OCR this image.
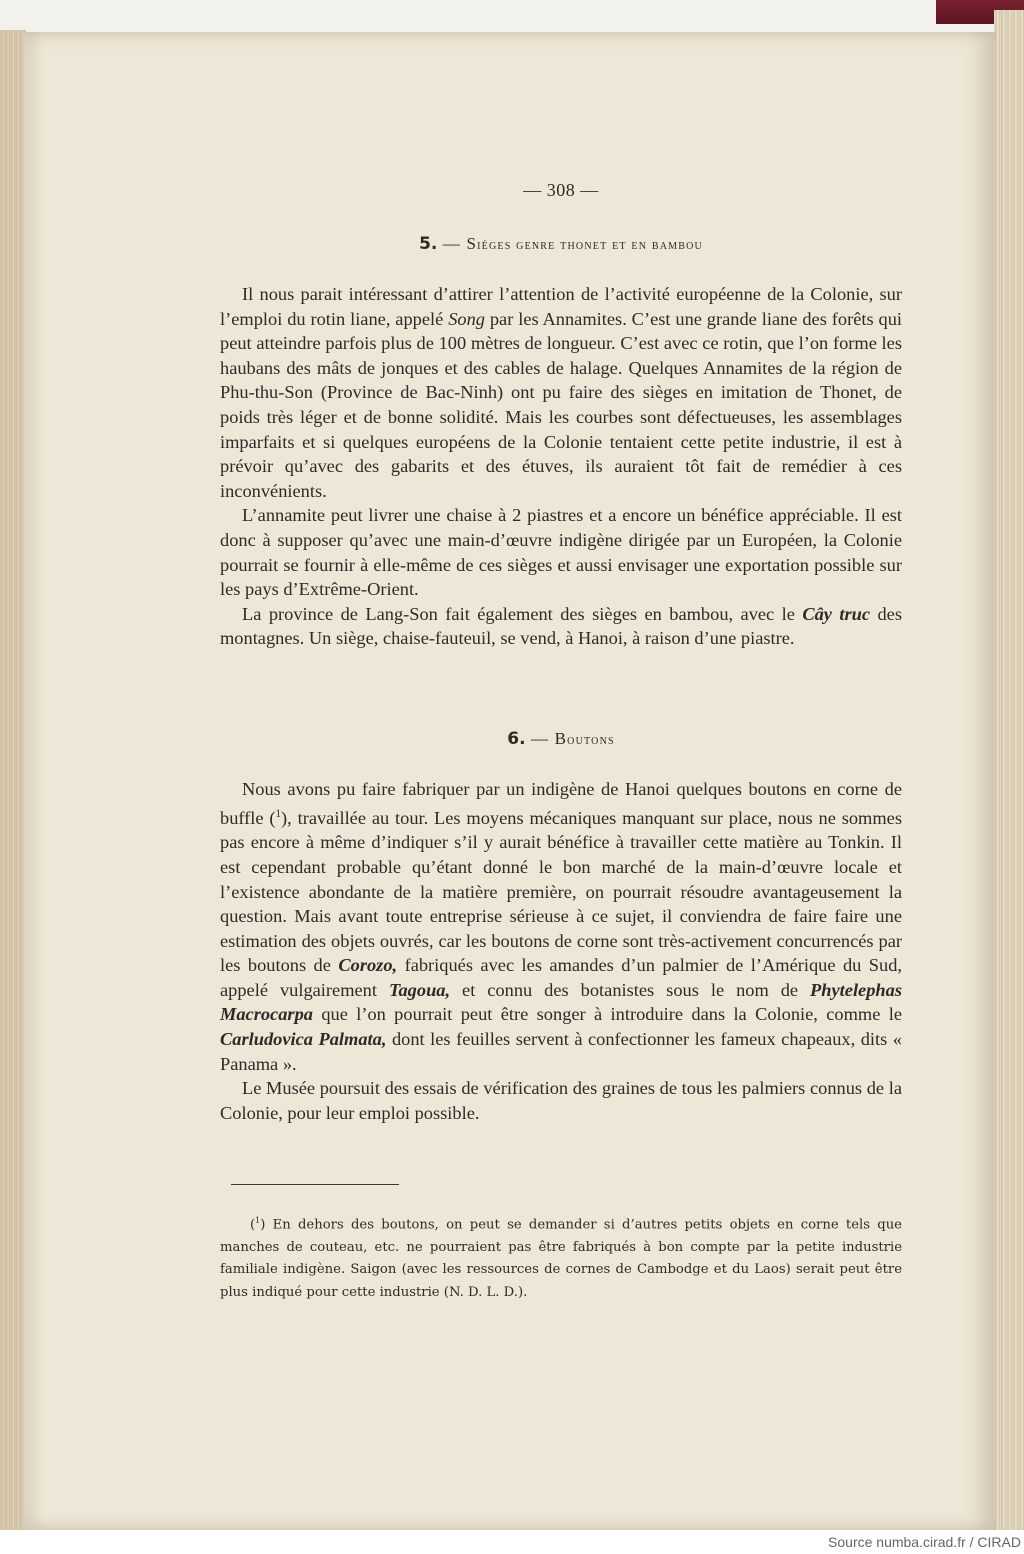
— 308 —
5. — Siéges genre thonet et en bambou

Il nous parait intéressant d’attirer l’attention de l’activité européenne de la Colonie, sur l’emploi du rotin liane, appelé Song par les Annamites. C’est une grande liane des forêts qui peut atteindre parfois plus de 100 mètres de longueur. C’est avec ce rotin, que l’on forme les haubans des mâts de jonques et des cables de halage. Quelques Annamites de la région de Phu-thu-Son (Province de Bac-Ninh) ont pu faire des sièges en imitation de Thonet, de poids très léger et de bonne solidité. Mais les courbes sont défectueuses, les assemblages imparfaits et si quelques européens de la Colonie tentaient cette petite industrie, il est à prévoir qu’avec des gabarits et des étuves, ils auraient tôt fait de remédier à ces inconvénients.

L’annamite peut livrer une chaise à 2 piastres et a encore un bénéfice appréciable. Il est donc à supposer qu’avec une main-d’œuvre indigène dirigée par un Européen, la Colonie pourrait se fournir à elle-même de ces sièges et aussi envisager une exportation possible sur les pays d’Extrême-Orient.

La province de Lang-Son fait également des sièges en bambou, avec le Cây truc des montagnes. Un siège, chaise-fauteuil, se vend, à Hanoi, à raison d’une piastre.

6. — Boutons

Nous avons pu faire fabriquer par un indigène de Hanoi quelques boutons en corne de buffle ($^1$), travaillée au tour. Les moyens mécaniques manquant sur place, nous ne sommes pas encore à même d’indiquer s’il y aurait bénéfice à travailler cette matière au Tonkin. Il est cependant probable qu’étant donné le bon marché de la main-d’œuvre locale et l’existence abondante de la matière première, on pourrait résoudre avantageusement la question. Mais avant toute entreprise sérieuse à ce sujet, il conviendra de faire faire une estimation des objets ouvrés, car les boutons de corne sont très-activement concurrencés par les boutons de Corozo, fabriqués avec les amandes d’un palmier de l’Amérique du Sud, appelé vulgairement Tagoua, et connu des botanistes sous le nom de Phytelephas Macrocarpa que l’on pourrait peut être songer à introduire dans la Colonie, comme le Carludovica Palmata, dont les feuilles servent à confectionner les fameux chapeaux, dits « Panama ».

Le Musée poursuit des essais de vérification des graines de tous les palmiers connus de la Colonie, pour leur emploi possible.

($^1$) En dehors des boutons, on peut se demander si d’autres petits objets en corne tels que manches de couteau, etc. ne pourraient pas être fabriqués à bon compte par la petite industrie familiale indigène. Saigon (avec les ressources de cornes de Cambodge et du Laos) serait peut être plus indiqué pour cette industrie (N. D. L. D.).

Source numba.cirad.fr / CIRAD
